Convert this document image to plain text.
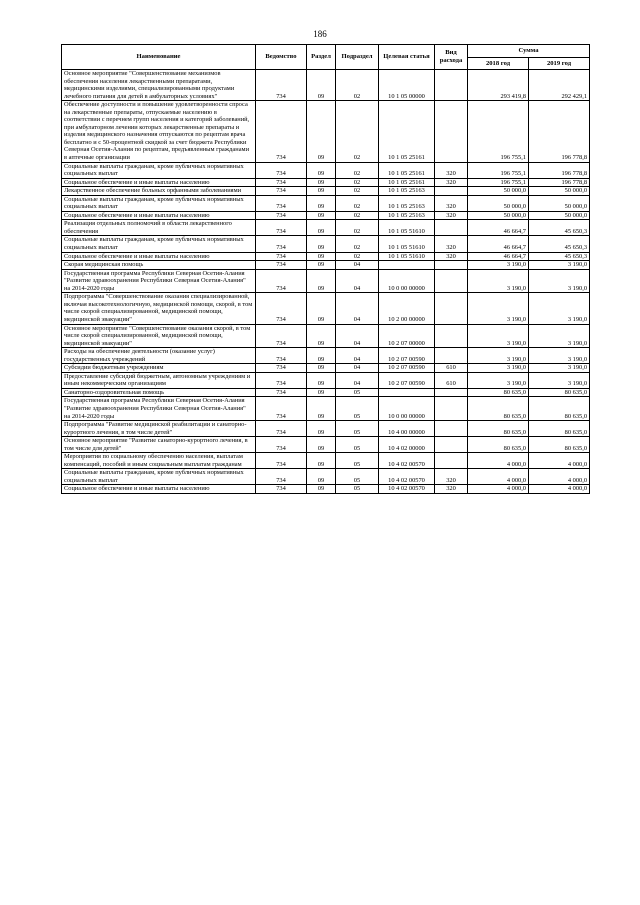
186
Наименование	Ведомство	Раздел	Подраздел	Целевая статья	Вид расхода	Сумма	
						2018 год	2019 год
Основное мероприятие "Совершенствование механизмов обеспечения населения лекарственными препаратами, медицинскими изделиями, специализированными продуктами лечебного питания для детей в амбулаторных условиях"	734	09	02	10 1 05 00000		293 419,8	292 429,1
Обеспечение доступности и повышение удовлетворенности спроса на лекарственные препараты, отпускаемые населению в соответствии с перечнем групп населения и категорий заболеваний, при амбулаторном лечении которых лекарственные препараты и изделия медицинского назначения отпускаются по рецептам врача бесплатно и с 50-процентной скидкой за счет бюджета Республики Северная Осетия-Алания по рецептам, предъявленным гражданами в аптечные организации	734	09	02	10 1 05 25161		196 755,1	196 778,8
Социальные выплаты гражданам, кроме публичных нормативных социальных выплат	734	09	02	10 1 05 25161	320	196 755,1	196 778,8
Социальное обеспечение и иные выплаты населению	734	09	02	10 1 05 25161	320	196 755,1	196 778,8
Лекарственное обеспечение больных орфанными заболеваниями	734	09	02	10 1 05 25163		50 000,0	50 000,0
Социальные выплаты гражданам, кроме публичных нормативных социальных выплат	734	09	02	10 1 05 25163	320	50 000,0	50 000,0
Социальное обеспечение и иные выплаты населению	734	09	02	10 1 05 25163	320	50 000,0	50 000,0
Реализация отдельных полномочий в области лекарственного обеспечения	734	09	02	10 1 05 51610		46 664,7	45 650,3
Социальные выплаты гражданам, кроме публичных нормативных социальных выплат	734	09	02	10 1 05 51610	320	46 664,7	45 650,3
Социальное обеспечение и иные выплаты населению	734	09	02	10 1 05 51610	320	46 664,7	45 650,3
Скорая медицинская помощь	734	09	04			3 190,0	3 190,0
Государственная программа Республики Северная Осетия-Алания "Развитие здравоохранения Республики Северная Осетия-Алания" на 2014-2020 годы	734	09	04	10 0 00 00000		3 190,0	3 190,0
Подпрограмма "Совершенствование оказания специализированной, включая высокотехнологичную, медицинской помощи, скорой, в том числе скорой специализированной, медицинской помощи, медицинской эвакуации"	734	09	04	10 2 00 00000		3 190,0	3 190,0
Основное мероприятие "Совершенствование оказания скорой, в том числе скорой специализированной, медицинской помощи, медицинской эвакуации"	734	09	04	10 2 07 00000		3 190,0	3 190,0
Расходы на обеспечение деятельности (оказание услуг) государственных учреждений	734	09	04	10 2 07 00590		3 190,0	3 190,0
Субсидии бюджетным учреждениям	734	09	04	10 2 07 00590	610	3 190,0	3 190,0
Предоставление субсидий бюджетным, автономным учреждениям и иным некоммерческим организациям	734	09	04	10 2 07 00590	610	3 190,0	3 190,0
Санаторно-оздоровительная помощь	734	09	05			80 635,0	80 635,0
Государственная программа Республики Северная Осетия-Алания "Развитие здравоохранения Республики Северная Осетия-Алания" на 2014-2020 годы	734	09	05	10 0 00 00000		80 635,0	80 635,0
Подпрограмма "Развитие медицинской реабилитации и санаторно-курортного лечения, в том числе детей"	734	09	05	10 4 00 00000		80 635,0	80 635,0
Основное мероприятие "Развитие санаторно-курортного лечения, в том числе для детей"	734	09	05	10 4 02 00000		80 635,0	80 635,0
Мероприятия по социальному обеспечению населения, выплатам компенсаций, пособий и иным социальным выплатам гражданам	734	09	05	10 4 02 00570		4 000,0	4 000,0
Социальные выплаты гражданам, кроме публичных нормативных социальных выплат	734	09	05	10 4 02 00570	320	4 000,0	4 000,0
Социальное обеспечение и иные выплаты населению	734	09	05	10 4 02 00570	320	4 000,0	4 000,0
